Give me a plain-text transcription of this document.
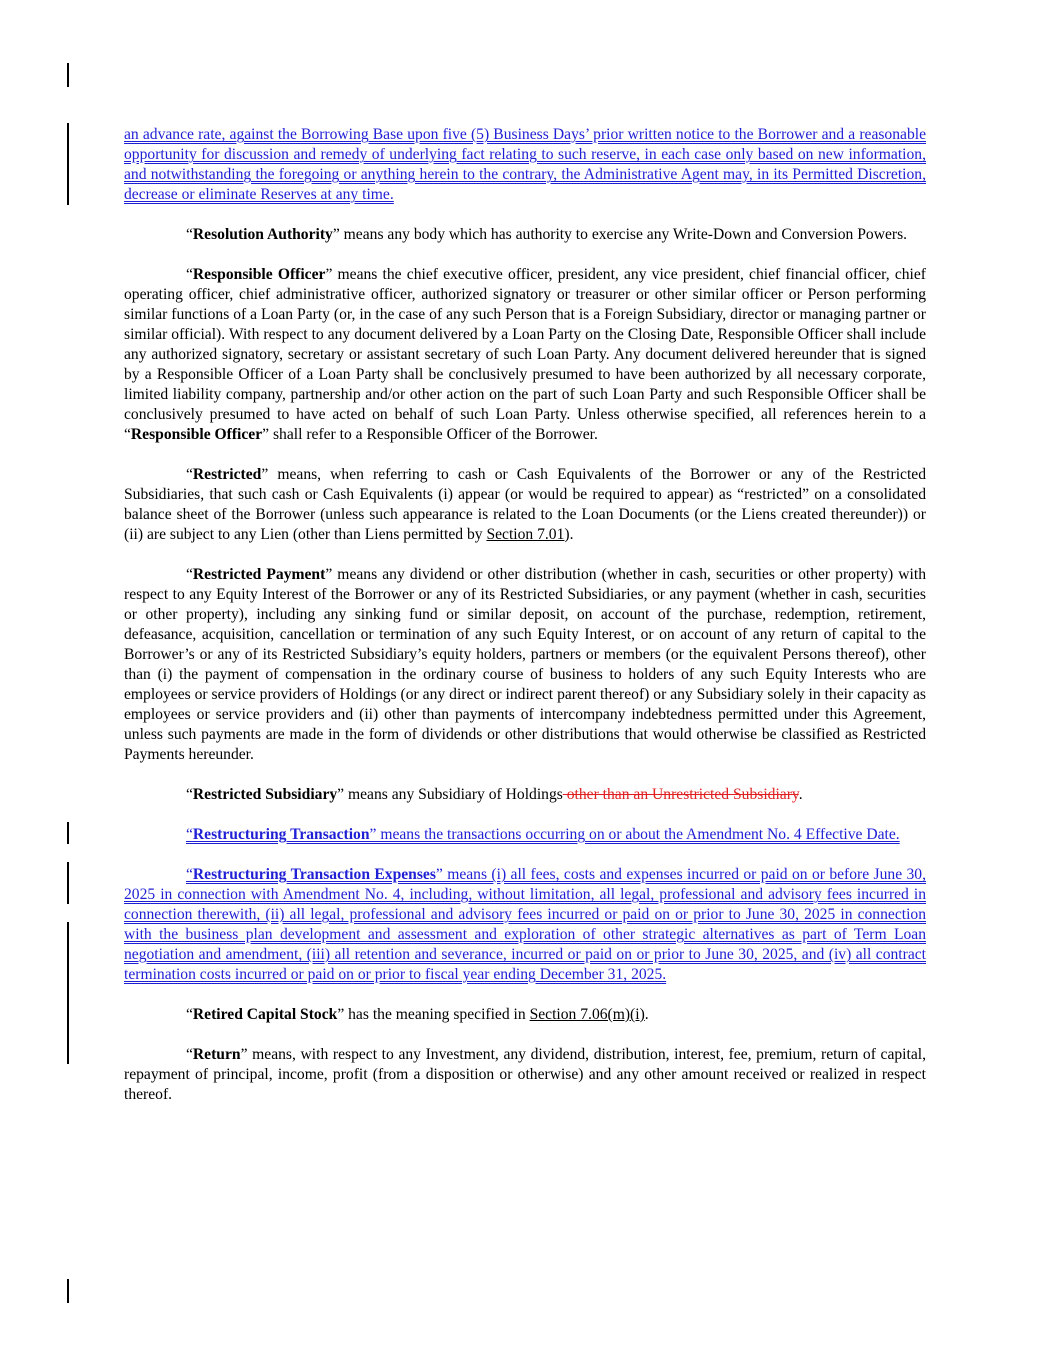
an advance rate, against the Borrowing Base upon five (5) Business Days’ prior written notice to the Borrower and a reasonable opportunity for discussion and remedy of underlying fact relating to such reserve, in each case only based on new information, and notwithstanding the foregoing or anything herein to the contrary, the Administrative Agent may, in its Permitted Discretion, decrease or eliminate Reserves at any time.

“Resolution Authority” means any body which has authority to exercise any Write-Down and Conversion Powers.

“Responsible Officer” means the chief executive officer, president, any vice president, chief financial officer, chief operating officer, chief administrative officer, authorized signatory or treasurer or other similar officer or Person performing similar functions of a Loan Party (or, in the case of any such Person that is a Foreign Subsidiary, director or managing partner or similar official). With respect to any document delivered by a Loan Party on the Closing Date, Responsible Officer shall include any authorized signatory, secretary or assistant secretary of such Loan Party. Any document delivered hereunder that is signed by a Responsible Officer of a Loan Party shall be conclusively presumed to have been authorized by all necessary corporate, limited liability company, partnership and/or other action on the part of such Loan Party and such Responsible Officer shall be conclusively presumed to have acted on behalf of such Loan Party. Unless otherwise specified, all references herein to a “Responsible Officer” shall refer to a Responsible Officer of the Borrower.

“Restricted” means, when referring to cash or Cash Equivalents of the Borrower or any of the Restricted Subsidiaries, that such cash or Cash Equivalents (i) appear (or would be required to appear) as “restricted” on a consolidated balance sheet of the Borrower (unless such appearance is related to the Loan Documents (or the Liens created thereunder)) or (ii) are subject to any Lien (other than Liens permitted by Section 7.01).

“Restricted Payment” means any dividend or other distribution (whether in cash, securities or other property) with respect to any Equity Interest of the Borrower or any of its Restricted Subsidiaries, or any payment (whether in cash, securities or other property), including any sinking fund or similar deposit, on account of the purchase, redemption, retirement, defeasance, acquisition, cancellation or termination of any such Equity Interest, or on account of any return of capital to the Borrower’s or any of its Restricted Subsidiary’s equity holders, partners or members (or the equivalent Persons thereof), other than (i) the payment of compensation in the ordinary course of business to holders of any such Equity Interests who are employees or service providers of Holdings (or any direct or indirect parent thereof) or any Subsidiary solely in their capacity as employees or service providers and (ii) other than payments of intercompany indebtedness permitted under this Agreement, unless such payments are made in the form of dividends or other distributions that would otherwise be classified as Restricted Payments hereunder.

“Restricted Subsidiary” means any Subsidiary of Holdings other than an Unrestricted Subsidiary.

“Restructuring Transaction” means the transactions occurring on or about the Amendment No. 4 Effective Date.

“Restructuring Transaction Expenses” means (i) all fees, costs and expenses incurred or paid on or before June 30, 2025 in connection with Amendment No. 4, including, without limitation, all legal, professional and advisory fees incurred in connection therewith, (ii) all legal, professional and advisory fees incurred or paid on or prior to June 30, 2025 in connection with the business plan development and assessment and exploration of other strategic alternatives as part of Term Loan negotiation and amendment, (iii) all retention and severance, incurred or paid on or prior to June 30, 2025, and (iv) all contract termination costs incurred or paid on or prior to fiscal year ending December 31, 2025.

“Retired Capital Stock” has the meaning specified in Section 7.06(m)(i).

“Return” means, with respect to any Investment, any dividend, distribution, interest, fee, premium, return of capital, repayment of principal, income, profit (from a disposition or otherwise) and any other amount received or realized in respect thereof.
